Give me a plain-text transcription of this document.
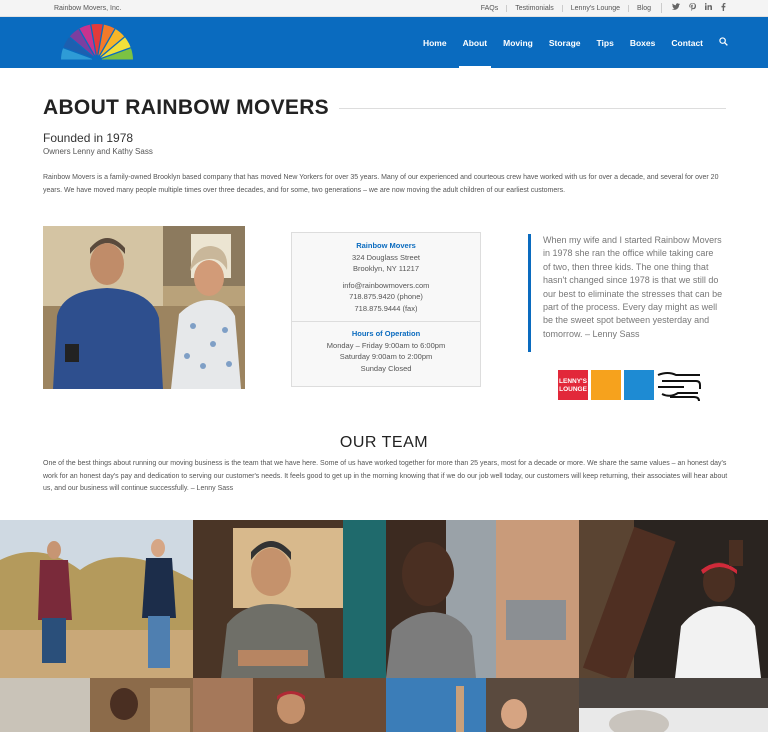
Rainbow Movers, Inc.	FAQs	Testimonials	Lenny's Lounge	Blog
Home	About	Moving	Storage	Tips	Boxes	Contact
ABOUT RAINBOW MOVERS
Founded in 1978
Owners Lenny and Kathy Sass

Rainbow Movers is a family-owned Brooklyn based company that has moved New Yorkers for over 35 years. Many of our experienced and courteous crew have worked with us for over a decade, and several for over 20 years. We have moved many people multiple times over three decades, and for some, two generations – we are now moving the adult children of our earliest customers.

Rainbow Movers
324 Douglass Street
Brooklyn, NY 11217
info@rainbowmovers.com
718.875.9420 (phone)
718.875.9444 (fax)
Hours of Operation
Monday – Friday 9:00am to 6:00pm
Saturday 9:00am to 2:00pm
Sunday Closed
When my wife and I started Rainbow Movers in 1978 she ran the office while taking care of two, then three kids. The one thing that hasn't changed since 1978 is that we still do our best to eliminate the stresses that can be part of the process. Every day might as well be the sweet spot between yesterday and tomorrow. – Lenny Sass
LENNY'S
LOUNGE
OUR TEAM

One of the best things about running our moving business is the team that we have here. Some of us have worked together for more than 25 years, most for a decade or more. We share the same values – an honest day's work for an honest day's pay and dedication to serving our customer's needs. It feels good to get up in the morning knowing that if we do our job well today, our customers will keep returning, their associates will hear about us, and our business will continue successfully. – Lenny Sass
